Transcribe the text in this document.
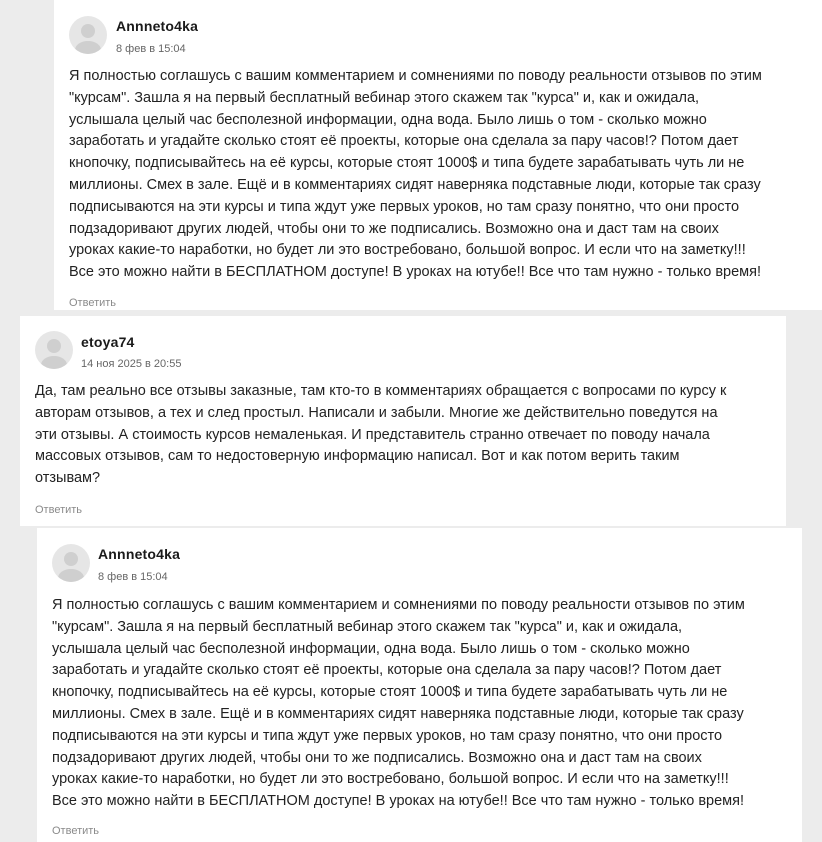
Annneto4ka
8 фев в 15:04
Я полностью соглашусь с вашим комментарием и сомнениями по поводу реальности отзывов по этим
"курсам". Зашла я на первый бесплатный вебинар этого скажем так "курса" и, как и ожидала,
услышала целый час бесполезной информации, одна вода. Было лишь о том - сколько можно
заработать и угадайте сколько стоят её проекты, которые она сделала за пару часов!? Потом дает
кнопочку, подписывайтесь на её курсы, которые стоят 1000$ и типа будете зарабатывать чуть ли не
миллионы. Смех в зале. Ещё и в комментариях сидят наверняка подставные люди, которые так сразу
подписываются на эти курсы и типа ждут уже первых уроков, но там сразу понятно, что они просто
подзадоривают других людей, чтобы они то же подписались. Возможно она и даст там на своих
уроках какие-то наработки, но будет ли это востребовано, большой вопрос. И если что на заметку!!!
Все это можно найти в БЕСПЛАТНОМ доступе! В уроках на ютубе!! Все что там нужно - только время!
Ответить
etoya74
14 ноя 2025 в 20:55
Да, там реально все отзывы заказные, там кто-то в комментариях обращается с вопросами по курсу к
авторам отзывов, а тех и след простыл. Написали и забыли. Многие же действительно поведутся на
эти отзывы. А стоимость курсов немаленькая. И представитель странно отвечает по поводу начала
массовых отзывов, сам то недостоверную информацию написал. Вот и как потом верить таким
отзывам?
Ответить
Annneto4ka
8 фев в 15:04
Я полностью соглашусь с вашим комментарием и сомнениями по поводу реальности отзывов по этим
"курсам". Зашла я на первый бесплатный вебинар этого скажем так "курса" и, как и ожидала,
услышала целый час бесполезной информации, одна вода. Было лишь о том - сколько можно
заработать и угадайте сколько стоят её проекты, которые она сделала за пару часов!? Потом дает
кнопочку, подписывайтесь на её курсы, которые стоят 1000$ и типа будете зарабатывать чуть ли не
миллионы. Смех в зале. Ещё и в комментариях сидят наверняка подставные люди, которые так сразу
подписываются на эти курсы и типа ждут уже первых уроков, но там сразу понятно, что они просто
подзадоривают других людей, чтобы они то же подписались. Возможно она и даст там на своих
уроках какие-то наработки, но будет ли это востребовано, большой вопрос. И если что на заметку!!!
Все это можно найти в БЕСПЛАТНОМ доступе! В уроках на ютубе!! Все что там нужно - только время!
Ответить
